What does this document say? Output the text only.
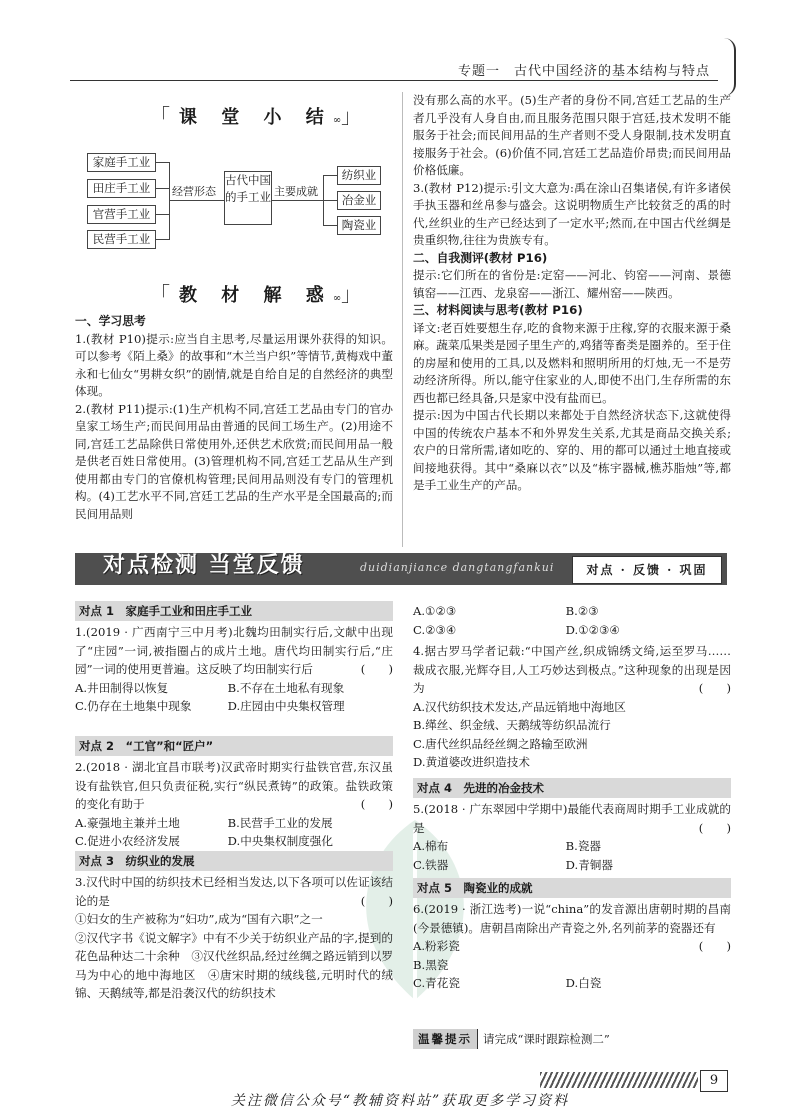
专题一　古代中国经济的基本结构与特点
「课 堂 小 结∞」
家庭手工业
田庄手工业
官营手工业
民营手工业
经营形态
古代中国的手工业 主要成就
纺织业
冶金业
陶瓷业
「教 材 解 惑∞」

一、学习思考

1.(教材 P10)提示:应当自主思考,尽量运用课外获得的知识。可以参考《陌上桑》的故事和“木兰当户织”等情节,黄梅戏中董永和七仙女“男耕女织”的剧情,就是自给自足的自然经济的典型体现。

2.(教材 P11)提示:(1)生产机构不同,宫廷工艺品由专门的官办皇家工场生产;而民间用品由普通的民间工场生产。(2)用途不同,宫廷工艺品除供日常使用外,还供艺术欣赏;而民间用品一般是供老百姓日常使用。(3)管理机构不同,宫廷工艺品从生产到使用都由专门的官僚机构管理;民间用品则没有专门的管理机构。(4)工艺水平不同,宫廷工艺品的生产水平是全国最高的;而民间用品则

没有那么高的水平。(5)生产者的身份不同,宫廷工艺品的生产者几乎没有人身自由,而且服务范围只限于宫廷,技术发明不能服务于社会;而民间用品的生产者则不受人身限制,技术发明直接服务于社会。(6)价值不同,宫廷工艺品造价昂贵;而民间用品价格低廉。

3.(教材 P12)提示:引文大意为:禹在涂山召集诸侯,有许多诸侯手执玉器和丝帛参与盛会。这说明物质生产比较贫乏的禹的时代,丝织业的生产已经达到了一定水平;然而,在中国古代丝绸是贵重织物,往往为贵族专有。

二、自我测评(教材 P16)

提示:它们所在的省份是:定窑——河北、钧窑——河南、景德镇窑——江西、龙泉窑——浙江、耀州窑——陕西。

三、材料阅读与思考(教材 P16)

译文:老百姓要想生存,吃的食物来源于庄稼,穿的衣服来源于桑麻。蔬菜瓜果类是园子里生产的,鸡猪等畜类是圈养的。至于住的房屋和使用的工具,以及燃料和照明所用的灯烛,无一不是劳动经济所得。所以,能守住家业的人,即使不出门,生存所需的东西也都已经具备,只是家中没有盐而已。

提示:因为中国古代长期以来都处于自然经济状态下,这就使得中国的传统农户基本不和外界发生关系,尤其是商品交换关系;农户的日常所需,诸如吃的、穿的、用的都可以通过土地直接或间接地获得。其中“桑麻以衣”以及“栋宇器械,樵苏脂烛”等,都是手工业生产的产品。

对点检测 当堂反馈	duidianjiance dangtangfankui	对点 · 反馈 · 巩固
对点 1　家庭手工业和田庄手工业

1.(2019 · 广西南宁三中月考)北魏均田制实行后,文献中出现了“庄园”一词,被指圈占的成片土地。唐代均田制实行后,“庄园”一词的使用更普遍。这反映了均田制实行后	(　　)

A.井田制得以恢复	B.不存在土地私有现象

C.仍存在土地集中现象	D.庄园由中央集权管理

对点 2　“工官”和“匠户”

2.(2018 · 湖北宜昌市联考)汉武帝时期实行盐铁官营,东汉虽设有盐铁官,但只负责征税,实行“纵民煮铸”的政策。盐铁政策的变化有助于	(　　)

A.豪强地主兼并土地	B.民营手工业的发展

C.促进小农经济发展	D.中央集权制度强化

对点 3　纺织业的发展

3.汉代时中国的纺织技术已经相当发达,以下各项可以佐证该结论的是	(　　)

①妇女的生产被称为“妇功”,成为“国有六职”之一

②汉代字书《说文解字》中有不少关于纺织业产品的字,提到的花色品种达二十余种　③汉代丝织品,经过丝绸之路远销到以罗马为中心的地中海地区　④唐宋时期的绒线毯,元明时代的绒锦、天鹅绒等,都是沿袭汉代的纺织技术

A.①②③	B.②③

C.②③④	D.①②③④

4.据古罗马学者记载:“中国产丝,织成锦绣文绮,运至罗马……裁成衣服,光辉夺目,人工巧妙达到极点。”这种现象的出现是因为	(　　)

A.汉代纺织技术发达,产品远销地中海地区

B.缂丝、织金绒、天鹅绒等纺织品流行

C.唐代丝织品经丝绸之路输至欧洲

D.黄道婆改进织造技术

对点 4　先进的冶金技术

5.(2018 · 广东翠园中学期中)最能代表商周时期手工业成就的是	(　　)

A.棉布	B.瓷器

C.铁器	D.青铜器

对点 5　陶瓷业的成就

6.(2019 · 浙江选考)一说“china”的发音源出唐朝时期的昌南(今景德镇)。唐朝昌南除出产青瓷之外,名列前茅的瓷器还有
(　　)

A.粉彩瓷B.黑瓷

C.青花瓷	D.白瓷

温馨提示 请完成“课时跟踪检测二”
9
关注微信公众号“教辅资料站”获取更多学习资料
